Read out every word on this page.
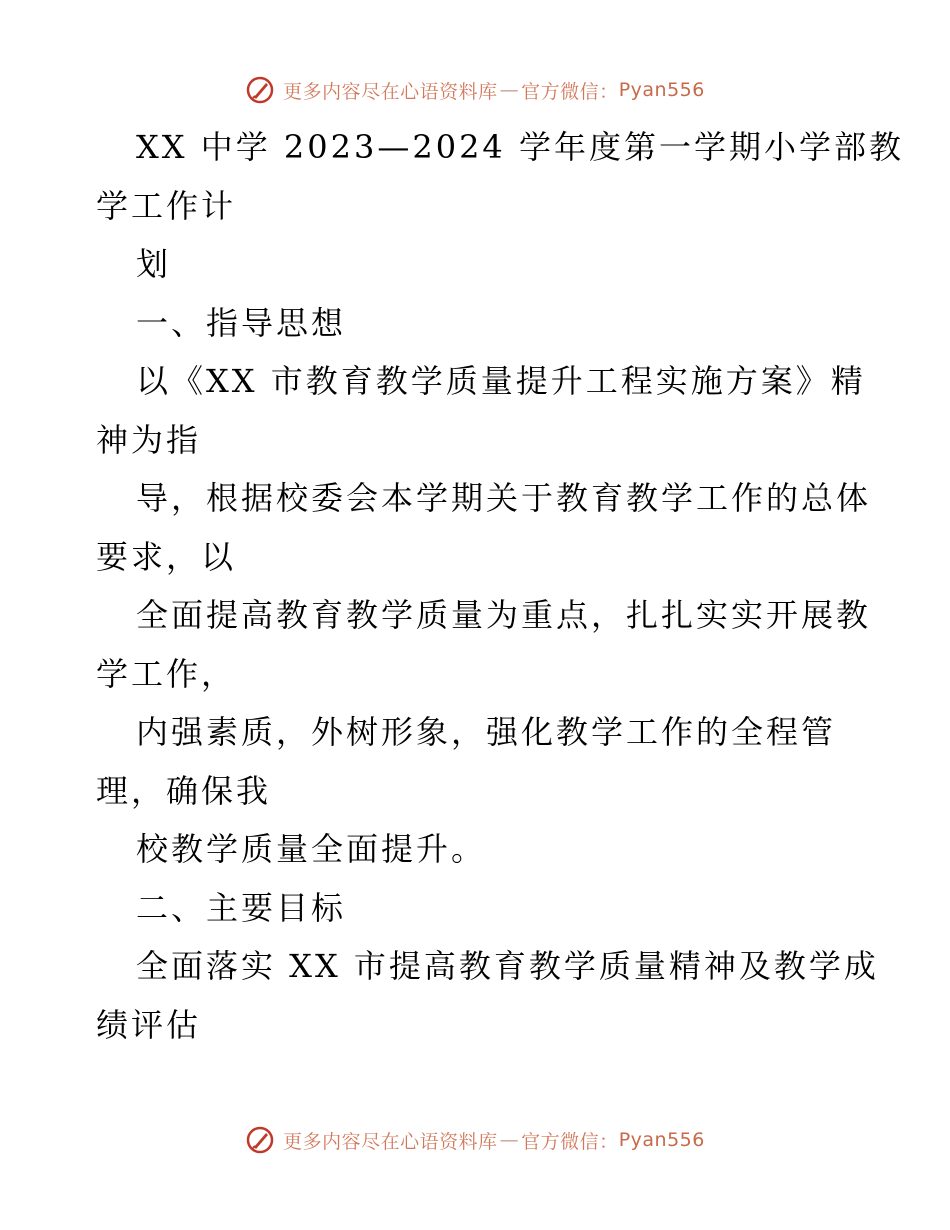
更多内容尽在心语资料库 — 官方微信： Pyan556
XX 中学 2023—2024 学年度第一学期小学部教
学工作计
划
一、指导思想
以《XX 市教育教学质量提升工程实施方案》精
神为指
导，根据校委会本学期关于教育教学工作的总体
要求，以
全面提高教育教学质量为重点，扎扎实实开展教
学工作，
内强素质，外树形象，强化教学工作的全程管
理，确保我
校教学质量全面提升。
二、主要目标
全面落实 XX 市提高教育教学质量精神及教学成
绩评估
更多内容尽在心语资料库 — 官方微信： Pyan556
